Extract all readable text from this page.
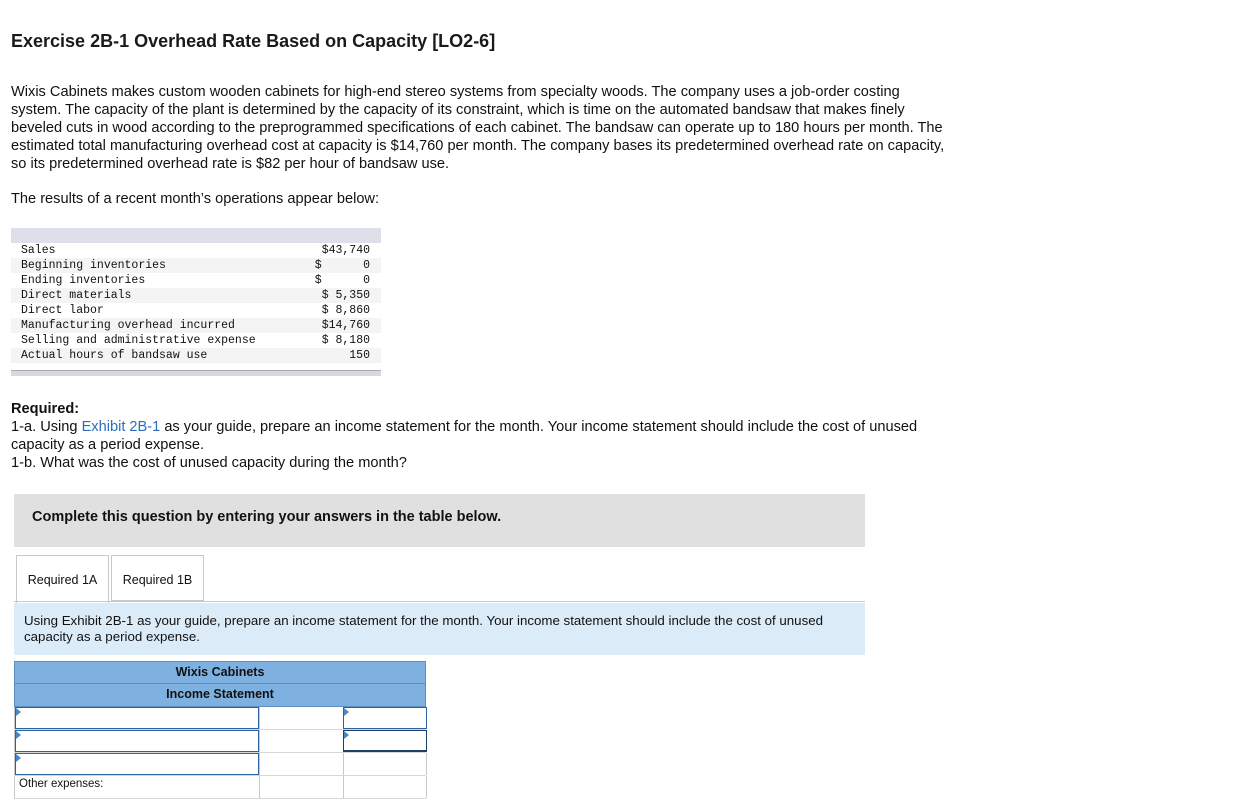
Exercise 2B-1 Overhead Rate Based on Capacity [LO2-6]

Wixis Cabinets makes custom wooden cabinets for high-end stereo systems from specialty woods. The company uses a job-order costing system. The capacity of the plant is determined by the capacity of its constraint, which is time on the automated bandsaw that makes finely beveled cuts in wood according to the preprogrammed specifications of each cabinet. The bandsaw can operate up to 180 hours per month. The estimated total manufacturing overhead cost at capacity is $14,760 per month. The company bases its predetermined overhead rate on capacity, so its predetermined overhead rate is $82 per hour of bandsaw use.

The results of a recent month’s operations appear below:

Sales	$43,740
Beginning inventories	$      0
Ending inventories	$      0
Direct materials	$ 5,350
Direct labor	$ 8,860
Manufacturing overhead incurred	$14,760
Selling and administrative expense	$ 8,180
Actual hours of bandsaw use	150
Required:
1-a. Using Exhibit 2B-1 as your guide, prepare an income statement for the month. Your income statement should include the cost of unused capacity as a period expense.
1-b. What was the cost of unused capacity during the month?
Complete this question by entering your answers in the table below.
Required 1A	Required 1B
Using Exhibit 2B-1 as your guide, prepare an income statement for the month. Your income statement should include the cost of unused capacity as a period expense.
Wixis Cabinets
Income Statement
Other expenses:
